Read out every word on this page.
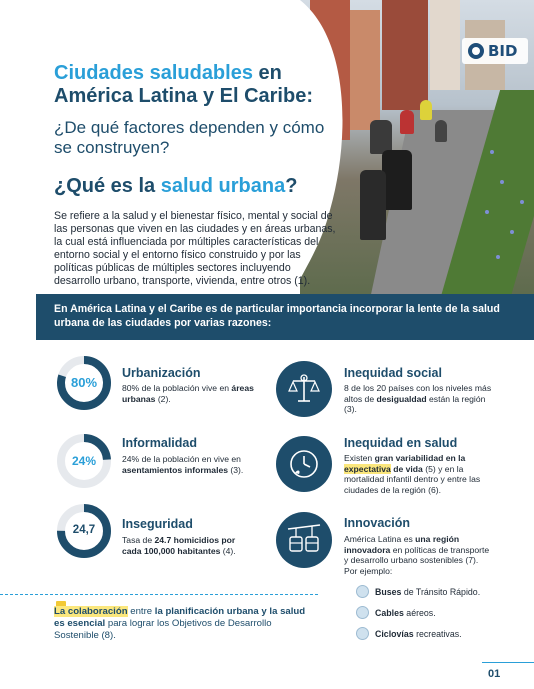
BID
Ciudades saludables en
América Latina y El Caribe:
¿De qué factores dependen y cómo se construyen?
¿Qué es la salud urbana?
Se refiere a la salud y el bienestar físico, mental y social de las personas que viven en las ciudades y en áreas urbanas, la cual está influenciada por múltiples características del entorno social y el entorno físico construido y por las políticas públicas de múltiples sectores incluyendo desarrollo urbano, transporte, vivienda, entre otros (1).
En América Latina y el Caribe es de particular importancia incorporar la lente de la salud urbana de las ciudades por varias razones:
80%
Urbanización
80% de la población vive en áreas urbanas (2).
24%
Informalidad
24% de la población en vive en asentamientos informales (3).
24,7	Inseguridad
Tasa de 24.7 homicidios por cada 100,000 habitantes (4).
Inequidad social
8 de los 20 países con los niveles más altos de desigualdad están la región (3).
Inequidad en salud
Existen gran variabilidad en la expectativa de vida (5) y en la mortalidad infantil dentro y entre las ciudades de la región (6).
Innovación
América Latina es una región innovadora en políticas de transporte y desarrollo urbano sostenibles (7). Por ejemplo:
Buses de Tránsito Rápido.
Cables aéreos.
Ciclovías recreativas.
La colaboración entre la planificación urbana y la salud es esencial para lograr los Objetivos de Desarrollo Sostenible (8).
01
